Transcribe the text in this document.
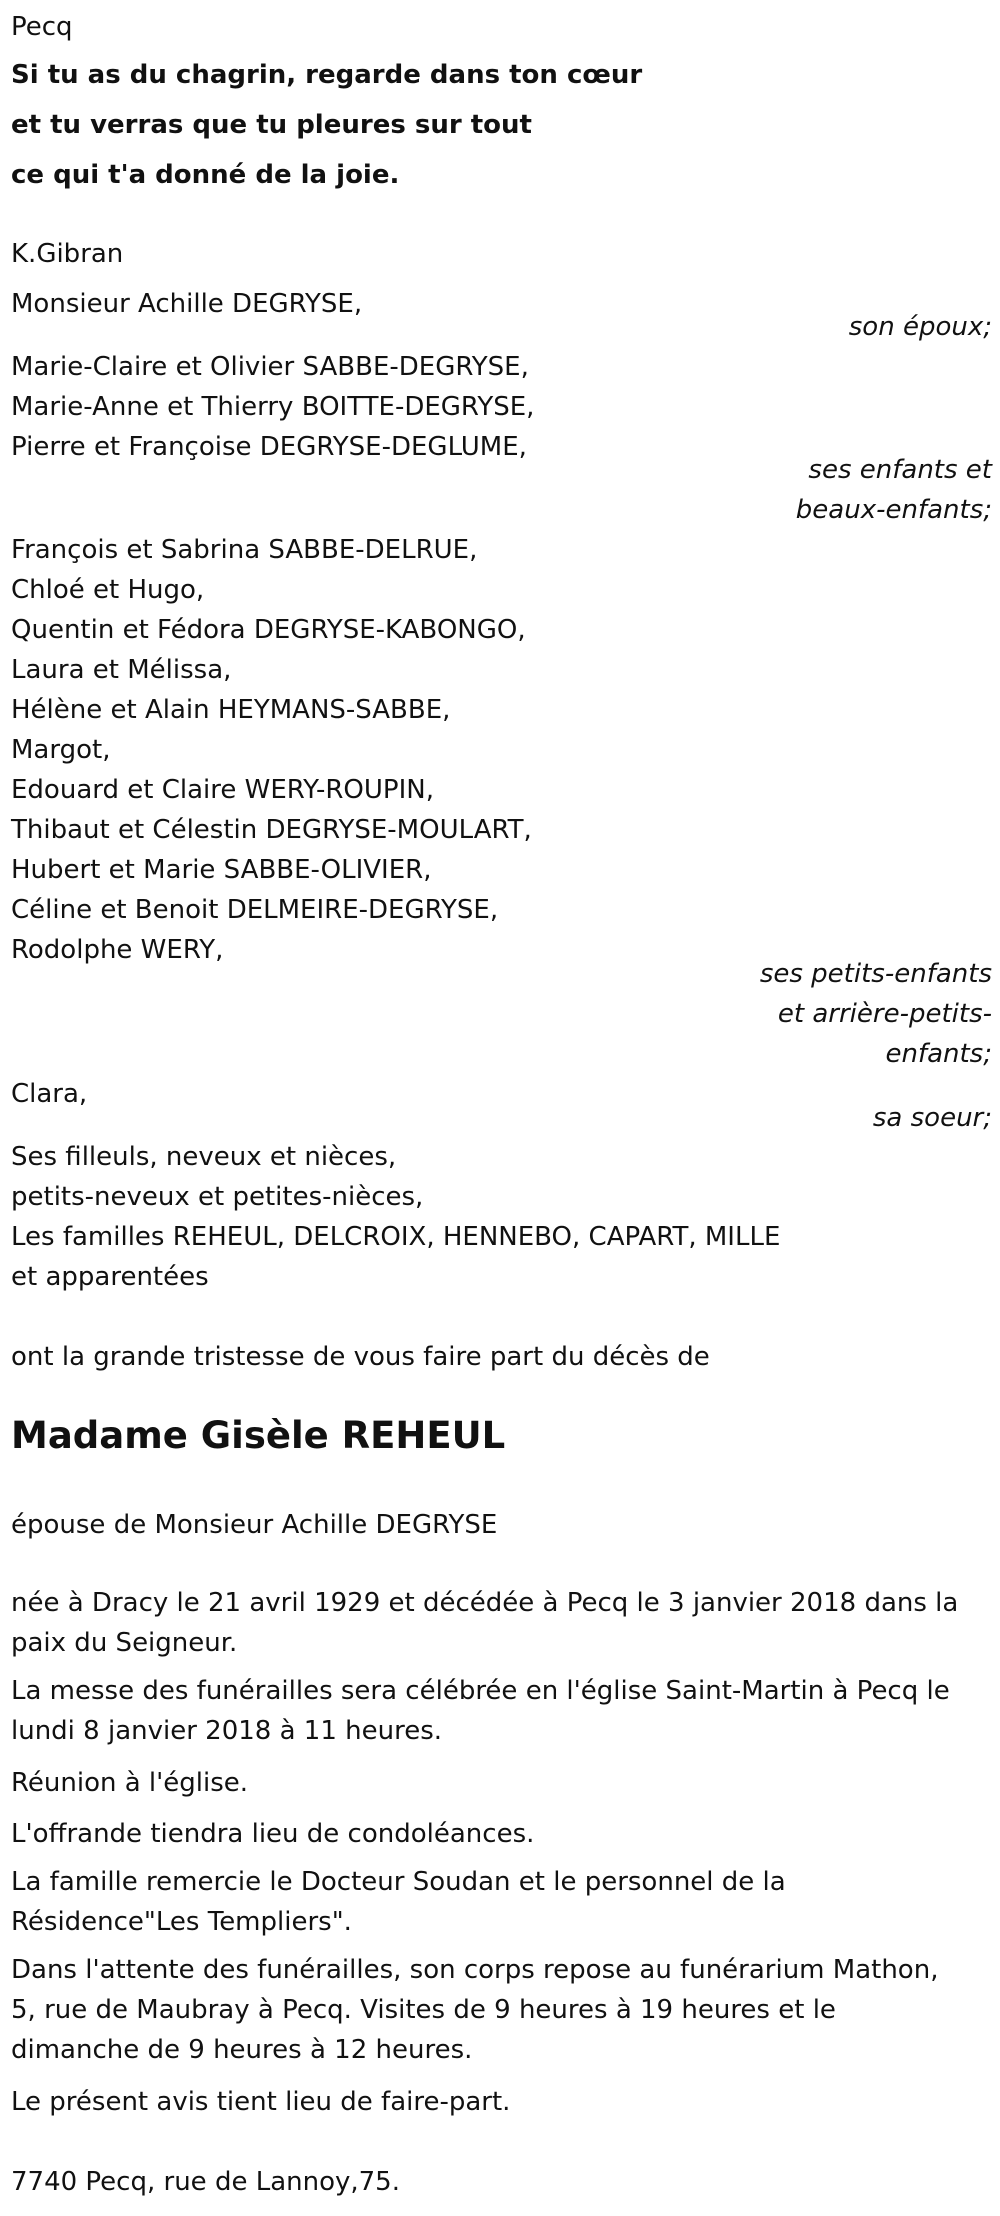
Pecq
Si tu as du chagrin, regarde dans ton cœur
et tu verras que tu pleures sur tout
ce qui t'a donné de la joie.
K.Gibran
Monsieur Achille DEGRYSE,
son époux;
Marie-Claire et Olivier SABBE-DEGRYSE,
Marie-Anne et Thierry BOITTE-DEGRYSE,
Pierre et Françoise DEGRYSE-DEGLUME,
ses enfants et
beaux-enfants;
François et Sabrina SABBE-DELRUE,
Chloé et Hugo,
Quentin et Fédora DEGRYSE-KABONGO,
Laura et Mélissa,
Hélène et Alain HEYMANS-SABBE,
Margot,
Edouard et Claire WERY-ROUPIN,
Thibaut et Célestin DEGRYSE-MOULART,
Hubert et Marie SABBE-OLIVIER,
Céline et Benoit DELMEIRE-DEGRYSE,
Rodolphe WERY,
ses petits-enfants
et arrière-petits-
enfants;
Clara,
sa soeur;
Ses filleuls, neveux et nièces,
petits-neveux et petites-nièces,
Les familles REHEUL, DELCROIX, HENNEBO, CAPART, MILLE
et apparentées
ont la grande tristesse de vous faire part du décès de
Madame Gisèle REHEUL
épouse de Monsieur Achille DEGRYSE
née à Dracy le 21 avril 1929 et décédée à Pecq le 3 janvier 2018 dans la paix du Seigneur.
La messe des funérailles sera célébrée en l'église Saint-Martin à Pecq le lundi 8 janvier 2018 à 11 heures.
Réunion à l'église.
L'offrande tiendra lieu de condoléances.
La famille remercie le Docteur Soudan et le personnel de la Résidence"Les Templiers".
Dans l'attente des funérailles, son corps repose au funérarium Mathon, 5, rue de Maubray à Pecq. Visites de 9 heures à 19 heures et le dimanche de 9 heures à 12 heures.
Le présent avis tient lieu de faire-part.
7740 Pecq, rue de Lannoy,75.
